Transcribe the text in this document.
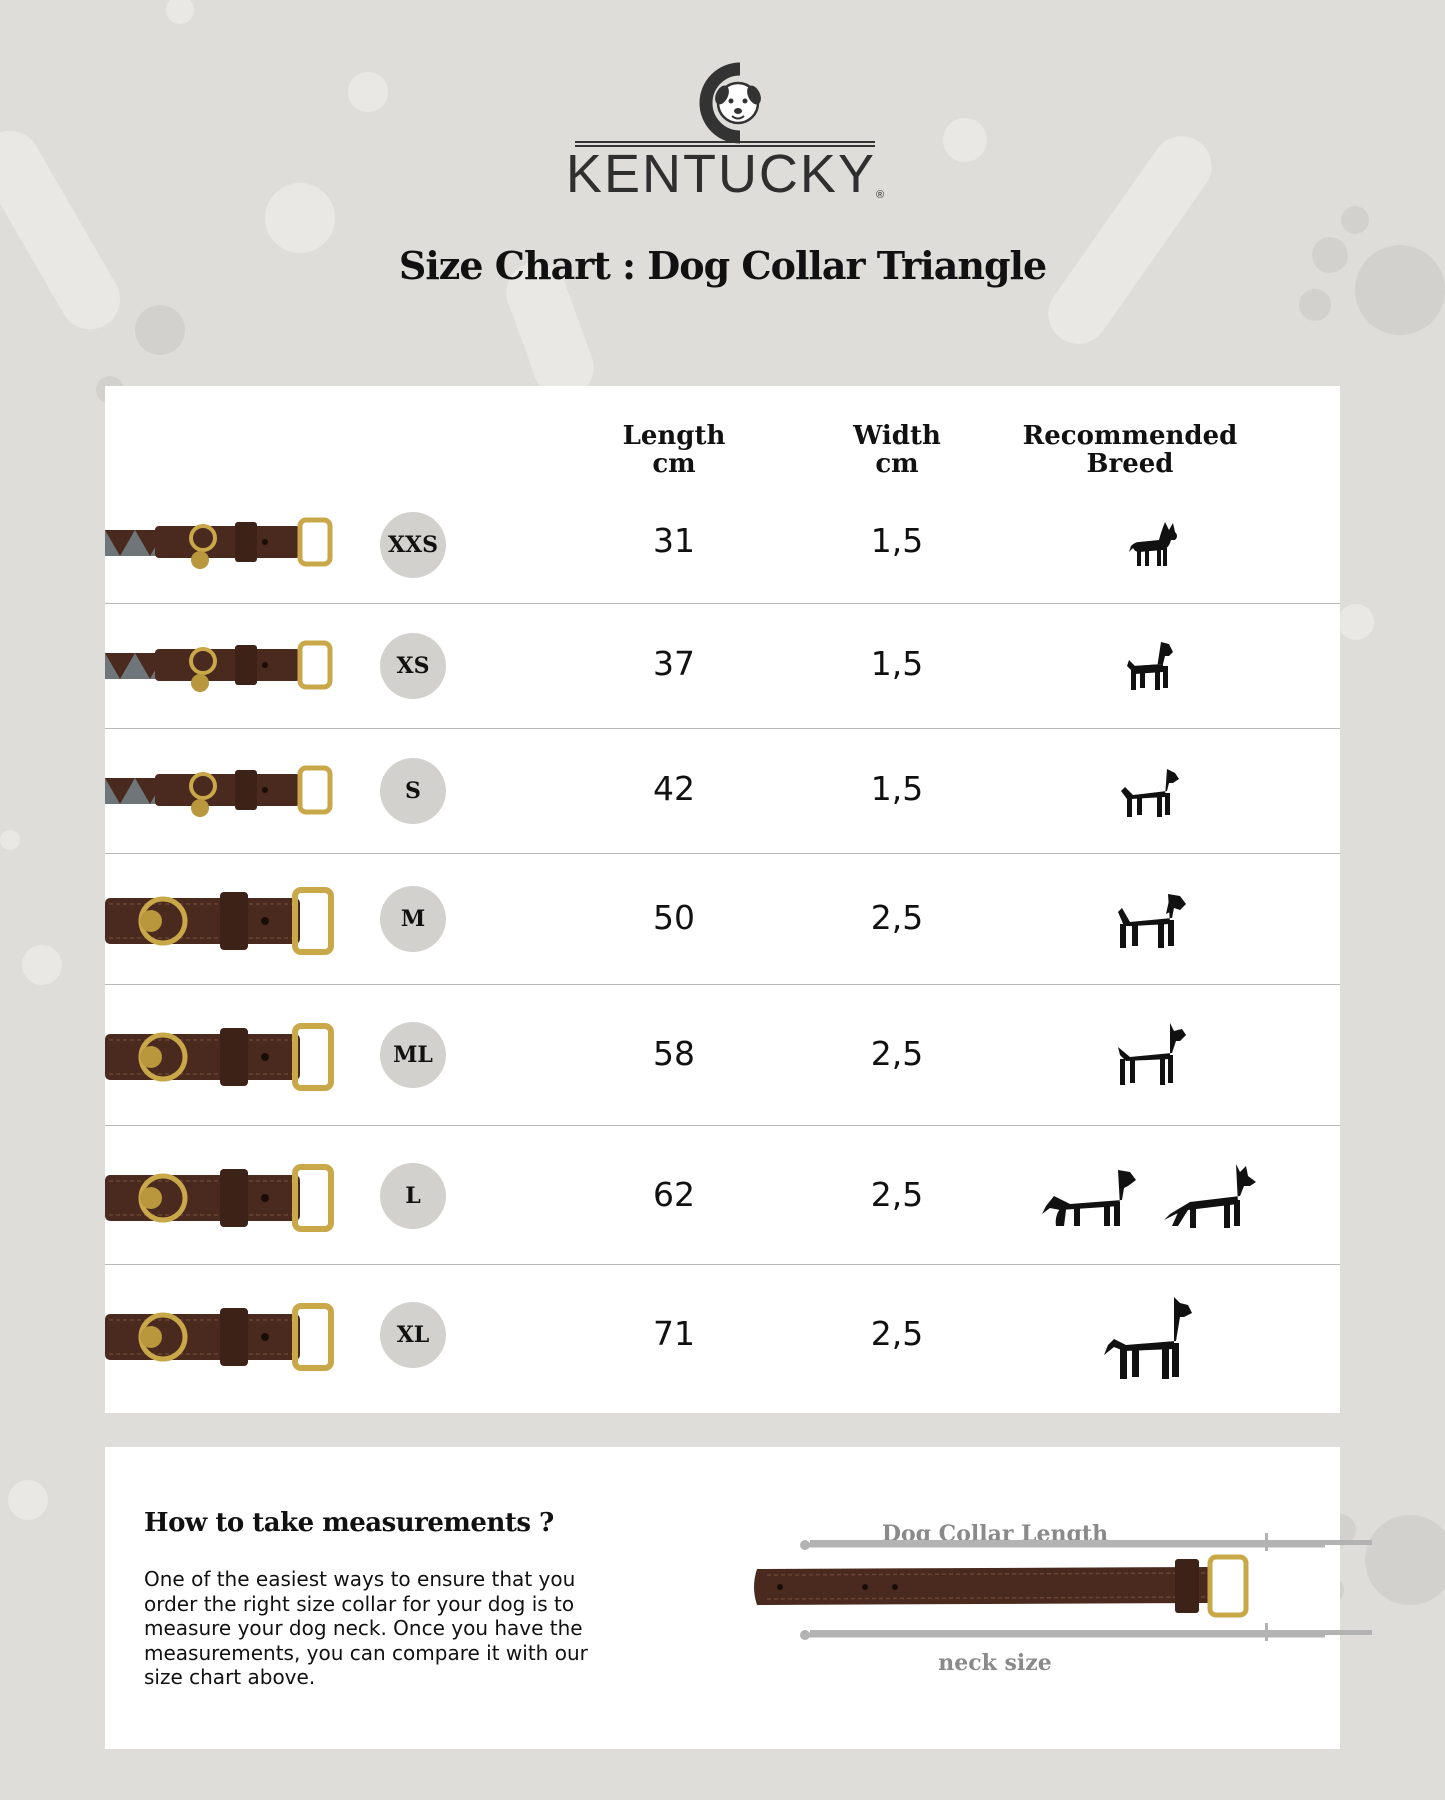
KENTUCKY®
Size Chart : Dog Collar Triangle
Length
cm
Width
cm
Recommended
Breed
XXS	31	1,5
XS	37	1,5
S	42	1,5
M	50	2,5
ML	58	2,5
L	62	2,5
XL	71	2,5
How to take measurements ?
One of the easiest ways to ensure that you order the right size collar for your dog is to measure your dog neck. Once you have the measurements, you can compare it with our size chart above.
Dog Collar Length
neck size
